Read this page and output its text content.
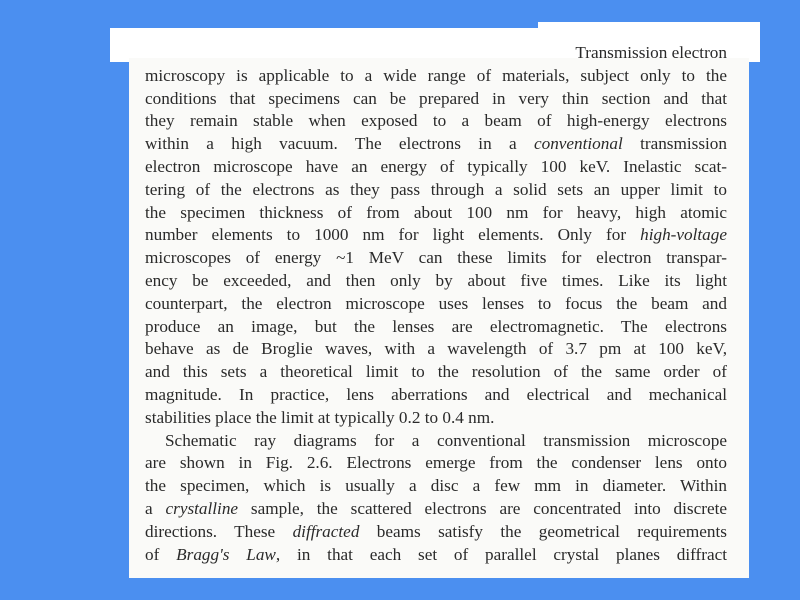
Transmission electron
microscopy is applicable to a wide range of materials, subject only to the
conditions that specimens can be prepared in very thin section and that
they remain stable when exposed to a beam of high-energy electrons
within a high vacuum. The electrons in a conventional transmission
electron microscope have an energy of typically 100 keV. Inelastic scat-
tering of the electrons as they pass through a solid sets an upper limit to
the specimen thickness of from about 100 nm for heavy, high atomic
number elements to 1000 nm for light elements. Only for high-voltage
microscopes of energy ~1 MeV can these limits for electron transpar-
ency be exceeded, and then only by about five times. Like its light
counterpart, the electron microscope uses lenses to focus the beam and
produce an image, but the lenses are electromagnetic. The electrons
behave as de Broglie waves, with a wavelength of 3.7 pm at 100 keV,
and this sets a theoretical limit to the resolution of the same order of
magnitude. In practice, lens aberrations and electrical and mechanical
stabilities place the limit at typically 0.2 to 0.4 nm.
Schematic ray diagrams for a conventional transmission microscope
are shown in Fig. 2.6. Electrons emerge from the condenser lens onto
the specimen, which is usually a disc a few mm in diameter. Within
a crystalline sample, the scattered electrons are concentrated into discrete
directions. These diffracted beams satisfy the geometrical requirements
of Bragg's Law, in that each set of parallel crystal planes diffract
